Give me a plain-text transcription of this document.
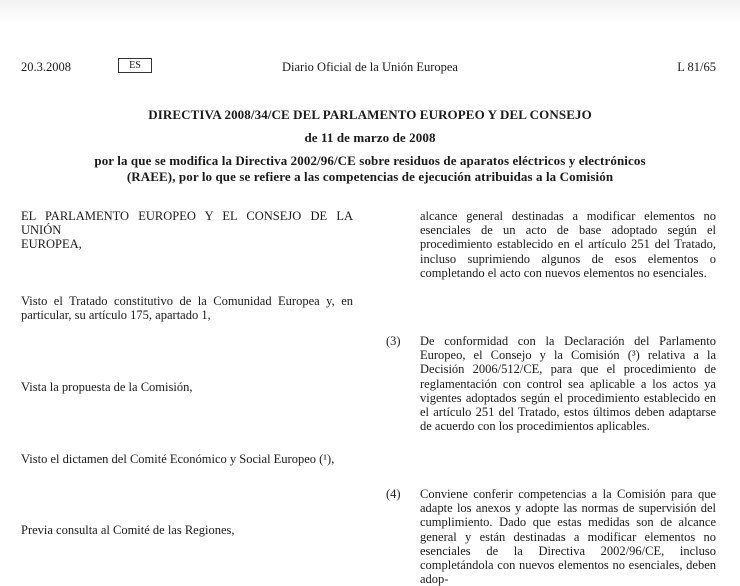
20.3.2008	ES	Diario Oficial de la Unión Europea	L 81/65
DIRECTIVA 2008/34/CE DEL PARLAMENTO EUROPEO Y DEL CONSEJO
de 11 de marzo de 2008
por la que se modifica la Directiva 2002/96/CE sobre residuos de aparatos eléctricos y electrónicos
(RAEE), por lo que se refiere a las competencias de ejecución atribuidas a la Comisión
EL PARLAMENTO EUROPEO Y EL CONSEJO DE LA UNIÓN
EUROPEA,
Visto el Tratado constitutivo de la Comunidad Europea y, en particular, su artículo 175, apartado 1,
Vista la propuesta de la Comisión,
Visto el dictamen del Comité Económico y Social Europeo (¹),
Previa consulta al Comité de las Regiones,
alcance general destinadas a modificar elementos no esenciales de un acto de base adoptado según el procedimiento establecido en el artículo 251 del Tratado, incluso suprimiendo algunos de esos elementos o completando el acto con nuevos elementos no esenciales.
(3) De conformidad con la Declaración del Parlamento Europeo, el Consejo y la Comisión (³) relativa a la Decisión 2006/512/CE, para que el procedimiento de reglamentación con control sea aplicable a los actos ya vigentes adoptados según el procedimiento establecido en el artículo 251 del Tratado, estos últimos deben adaptarse de acuerdo con los procedimientos aplicables.
(4) Conviene conferir competencias a la Comisión para que adapte los anexos y adopte las normas de supervisión del cumplimiento. Dado que estas medidas son de alcance general y están destinadas a modificar elementos no esenciales de la Directiva 2002/96/CE, incluso completándola con nuevos elementos no esenciales, deben adop-
